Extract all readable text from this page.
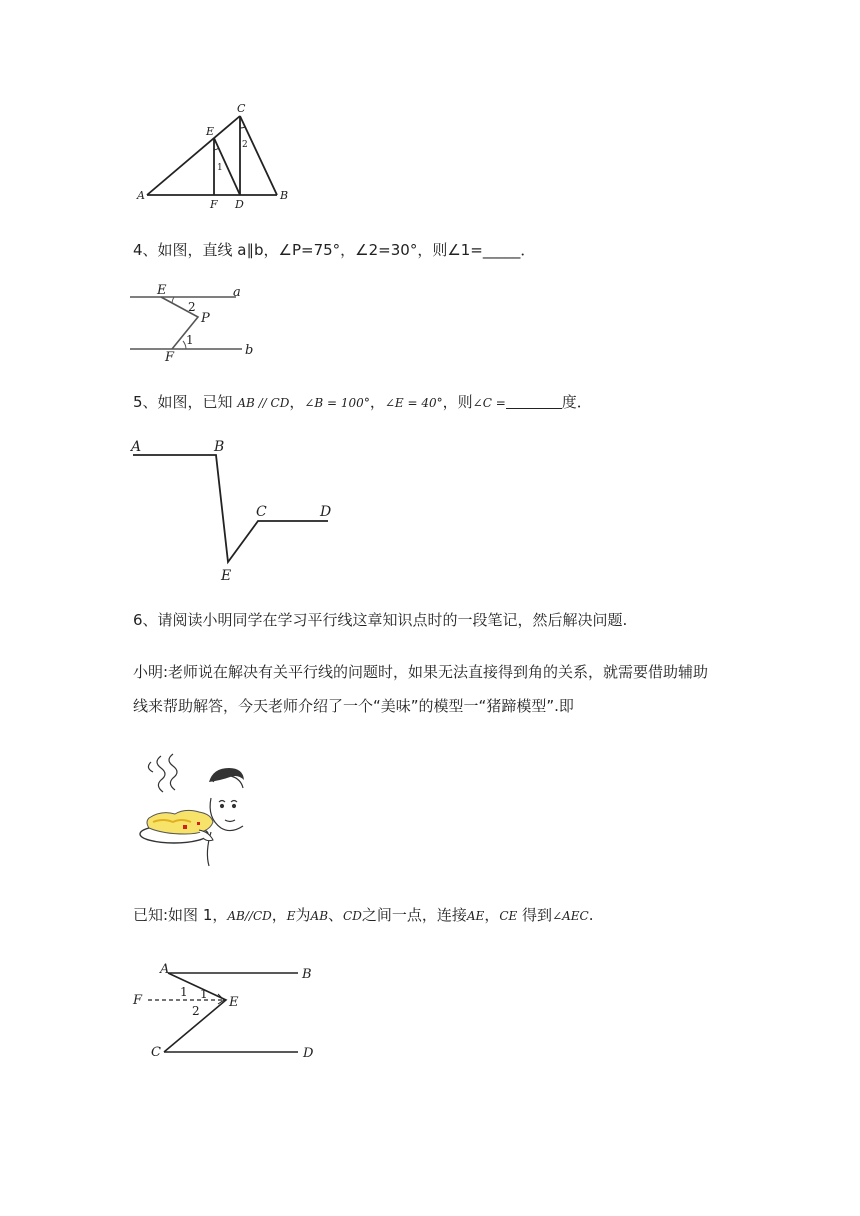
C
E
A	B
F D
1
2
4、如图，直线 a∥b，∠P=75°，∠2=30°，则∠1=_____．
E	a
2
P
1
F	b
5、如图，已知 AB // CD，∠B = 100°，∠E = 40°，则∠C =	度．
A	B
C	D
E
6、请阅读小明同学在学习平行线这章知识点时的一段笔记，然后解决问题.
小明:老师说在解决有关平行线的问题时，如果无法直接得到角的关系，就需要借助辅助
线来帮助解答，今天老师介绍了一个“美味”的模型一“猪蹄模型”.即
已知:如图 1，AB//CD，E为AB、CD之间一点，连接AE，CE 得到∠AEC.
A	B
F	E
C	D
1 1
2
